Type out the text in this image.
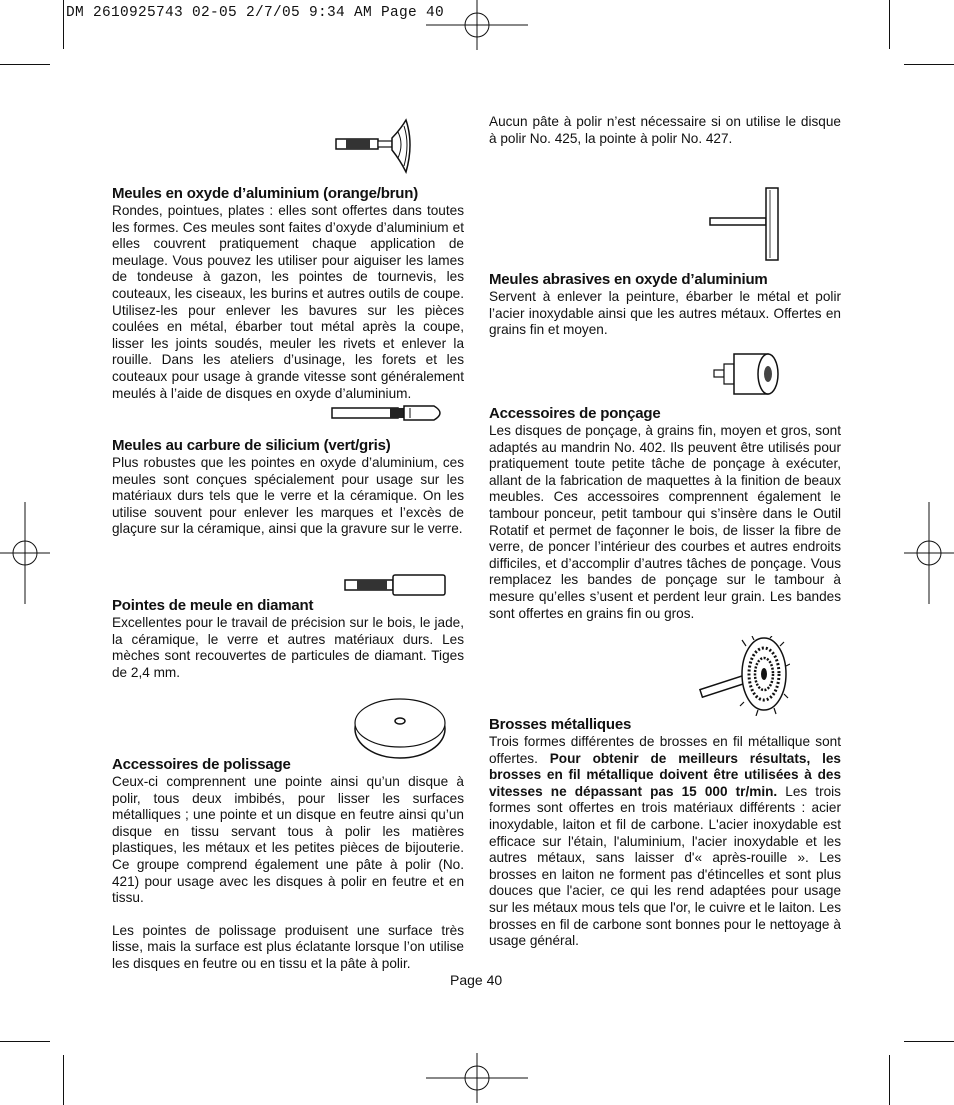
DM 2610925743 02-05 2/7/05 9:34 AM Page 40
Meules en oxyde d’aluminium (orange/brun)

Rondes, pointues, plates : elles sont offertes dans toutes les formes. Ces meules sont faites d’oxyde d’aluminium et elles couvrent pratiquement chaque application de meulage. Vous pouvez les utiliser pour aiguiser les lames de tondeuse à gazon, les pointes de tournevis, les couteaux, les ciseaux, les burins et autres outils de coupe. Utilisez-les pour enlever les bavures sur les pièces coulées en métal, ébarber tout métal après la coupe, lisser les joints soudés, meuler les rivets et enlever la rouille. Dans les ateliers d’usinage, les forets et les couteaux pour usage à grande vitesse sont généralement meulés à l’aide de disques en oxyde d’aluminium.

Meules au carbure de silicium (vert/gris)

Plus robustes que les pointes en oxyde d’aluminium, ces meules sont conçues spécialement pour usage sur les matériaux durs tels que le verre et la céramique. On les utilise souvent pour enlever les marques et l’excès de glaçure sur la céramique, ainsi que la gravure sur le verre.

Pointes de meule en diamant

Excellentes pour le travail de précision sur le bois, le jade, la céramique, le verre et autres matériaux durs. Les mèches sont recouvertes de particules de diamant. Tiges de 2,4 mm.

Accessoires de polissage

Ceux-ci comprennent une pointe ainsi qu’un disque à polir, tous deux imbibés, pour lisser les surfaces métalliques ; une pointe et un disque en feutre ainsi qu’un disque en tissu servant tous à polir les matières plastiques, les métaux et les petites pièces de bijouterie. Ce groupe comprend également une pâte à polir (No. 421) pour usage avec les disques à polir en feutre et en tissu.

Les pointes de polissage produisent une surface très lisse, mais la surface est plus éclatante lorsque l’on utilise les disques en feutre ou en tissu et la pâte à polir.

Aucun pâte à polir n’est nécessaire si on utilise le disque à polir No. 425, la pointe à polir No. 427.

Meules abrasives en oxyde d’aluminium

Servent à enlever la peinture, ébarber le métal et polir l’acier inoxydable ainsi que les autres métaux. Offertes en grains fin et moyen.

Accessoires de ponçage

Les disques de ponçage, à grains fin, moyen et gros, sont adaptés au mandrin No. 402. Ils peuvent être utilisés pour pratiquement toute petite tâche de ponçage à exécuter, allant de la fabrication de maquettes à la finition de beaux meubles. Ces accessoires comprennent également le tambour ponceur, petit tambour qui s’insère dans le Outil Rotatif et permet de façonner le bois, de lisser la fibre de verre, de poncer l’intérieur des courbes et autres endroits difficiles, et d’accomplir d’autres tâches de ponçage. Vous remplacez les bandes de ponçage sur le tambour à mesure qu’elles s’usent et perdent leur grain. Les bandes sont offertes en grains fin ou gros.

Brosses métalliques

Trois formes différentes de brosses en fil métallique sont offertes. Pour obtenir de meilleurs résultats, les brosses en fil métallique doivent être utilisées à des vitesses ne dépassant pas 15 000 tr/min. Les trois formes sont offertes en trois matériaux différents : acier inoxydable, laiton et fil de carbone. L'acier inoxydable est efficace sur l'étain, l'aluminium, l'acier inoxydable et les autres métaux, sans laisser d'« après-rouille ». Les brosses en laiton ne forment pas d'étincelles et sont plus douces que l'acier, ce qui les rend adaptées pour usage sur les métaux mous tels que l'or, le cuivre et le laiton. Les brosses en fil de carbone sont bonnes pour le nettoyage à usage général.

Page 40
